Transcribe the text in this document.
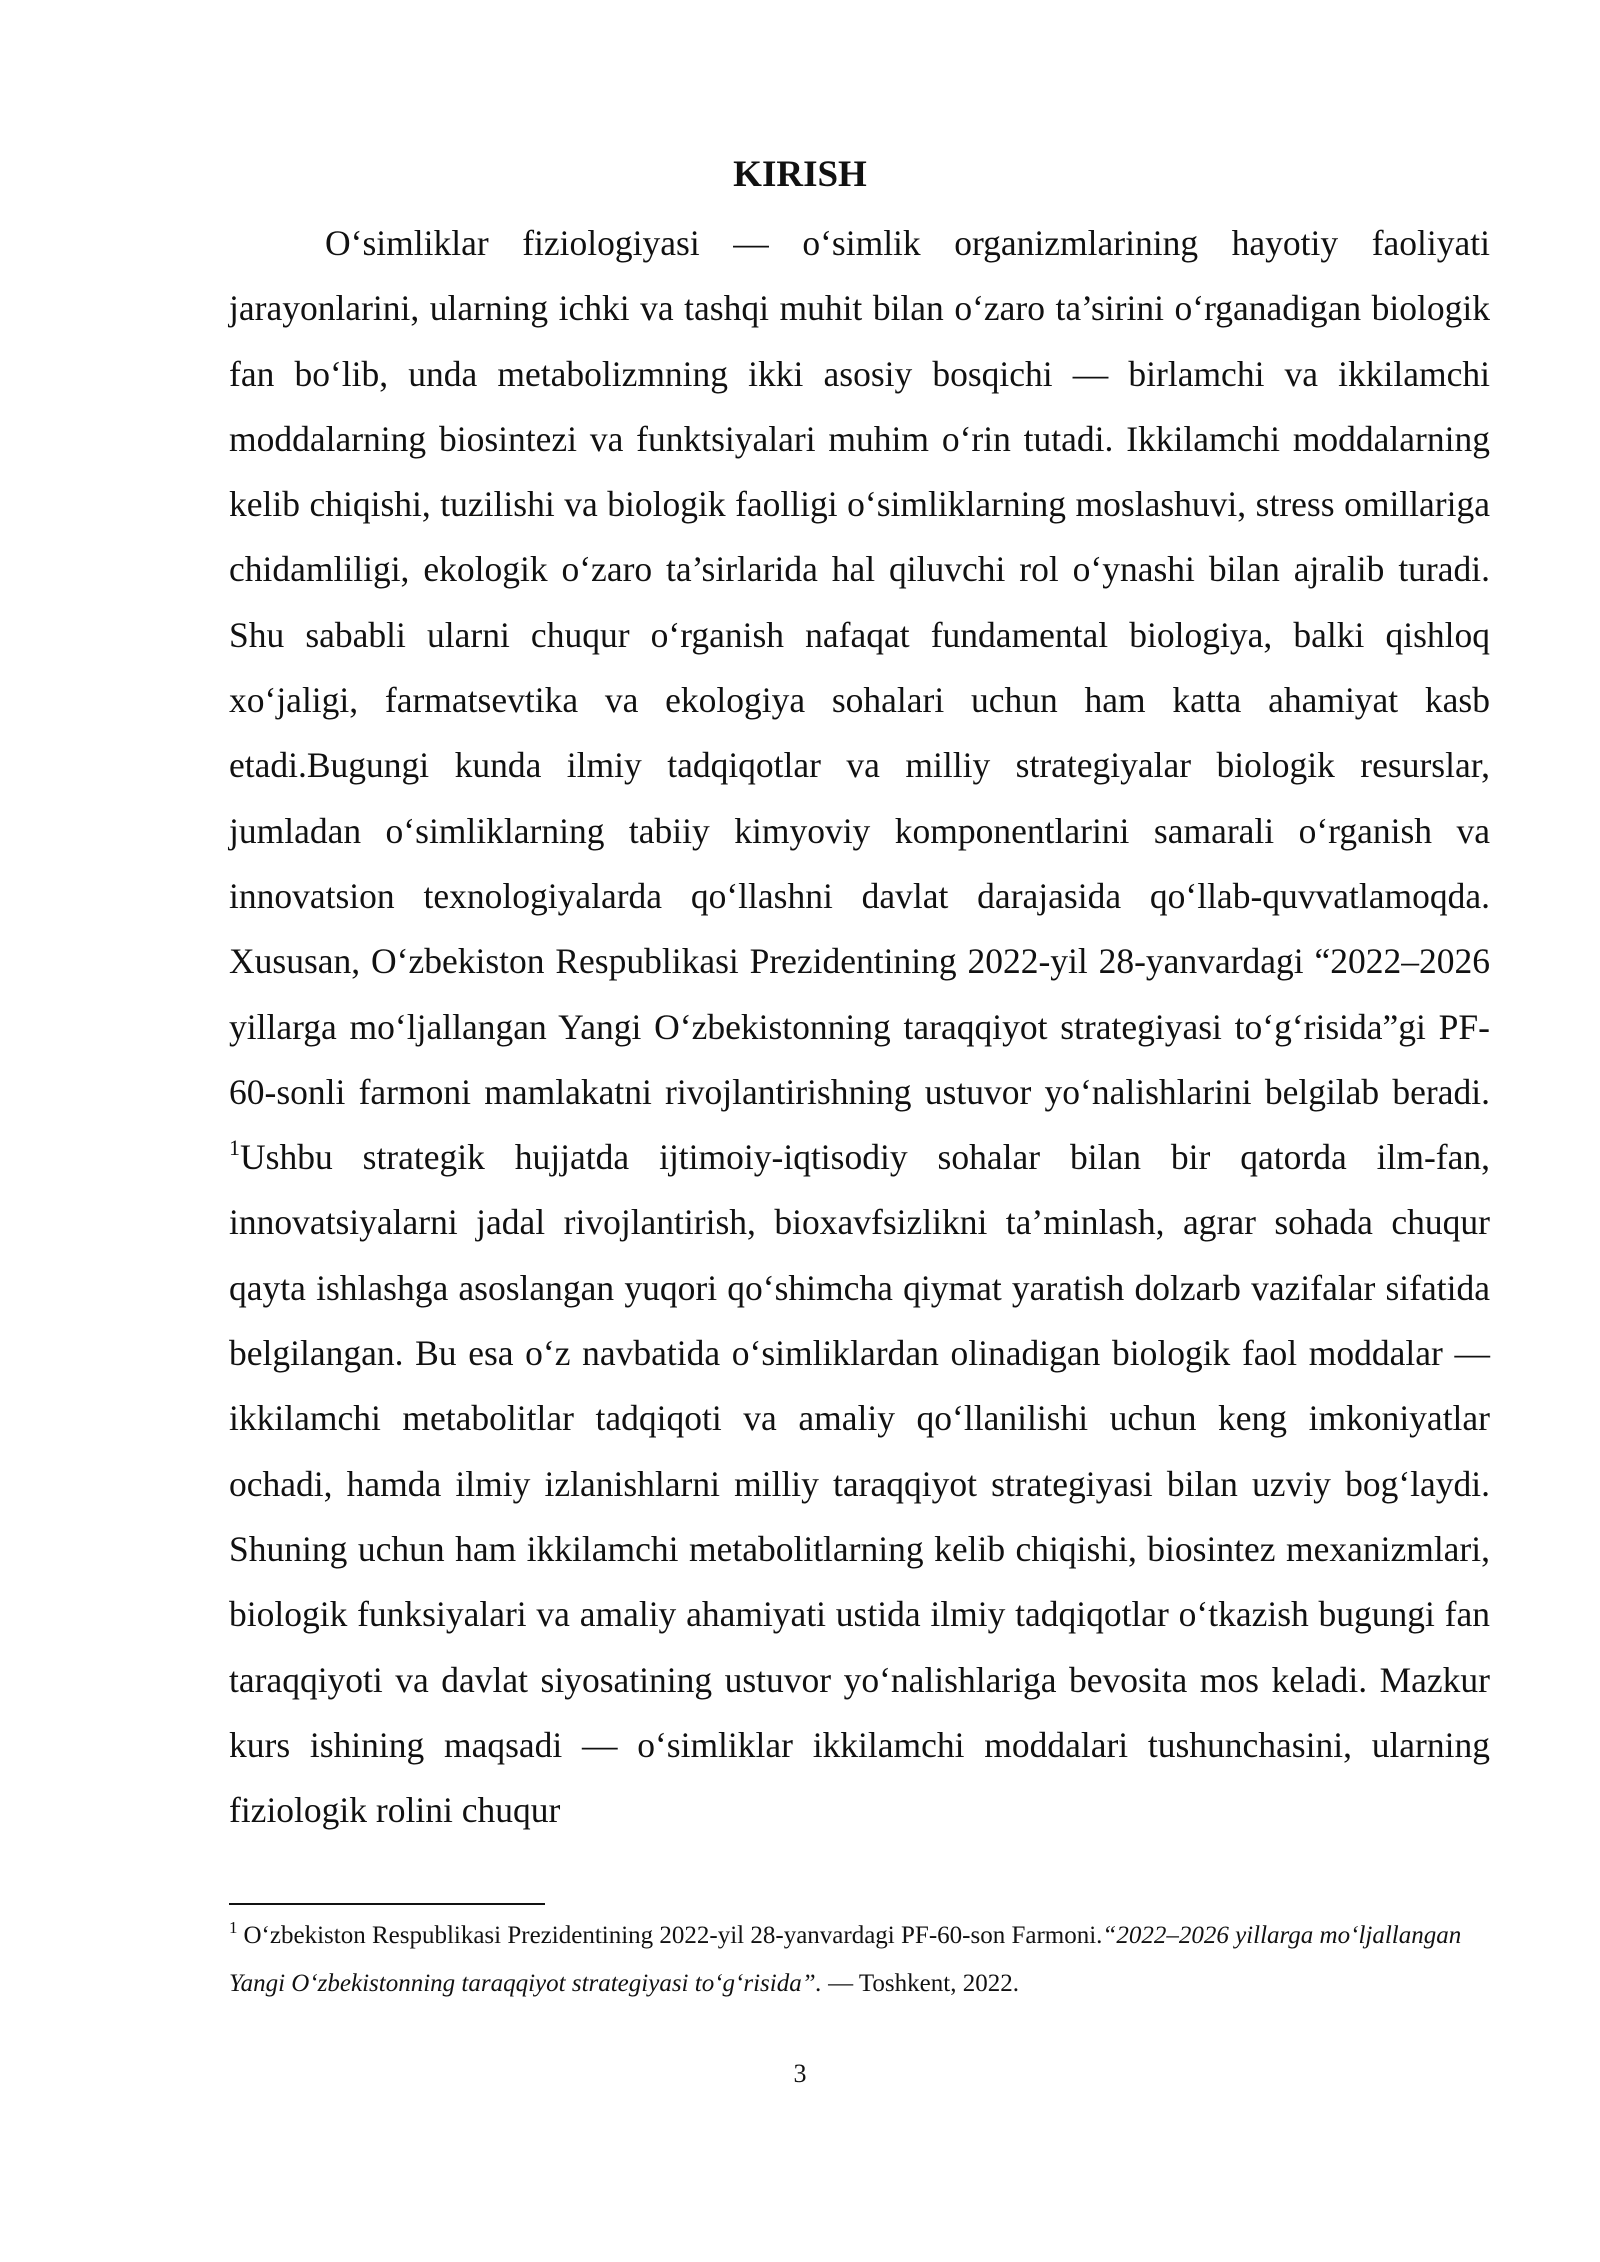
KIRISH

O‘simliklar fiziologiyasi — o‘simlik organizmlarining hayotiy faoliyati jarayonlarini, ularning ichki va tashqi muhit bilan o‘zaro ta’sirini o‘rganadigan biologik fan bo‘lib, unda metabolizmning ikki asosiy bosqichi — birlamchi va ikkilamchi moddalarning biosintezi va funktsiyalari muhim o‘rin tutadi. Ikkilamchi moddalarning kelib chiqishi, tuzilishi va biologik faolligi o‘simliklarning moslashuvi, stress omillariga chidamliligi, ekologik o‘zaro ta’sirlarida hal qiluvchi rol o‘ynashi bilan ajralib turadi. Shu sababli ularni chuqur o‘rganish nafaqat fundamental biologiya, balki qishloq xo‘jaligi, farmatsevtika va ekologiya sohalari uchun ham katta ahamiyat kasb etadi.Bugungi kunda ilmiy tadqiqotlar va milliy strategiyalar biologik resurslar, jumladan o‘simliklarning tabiiy kimyoviy komponentlarini samarali o‘rganish va innovatsion texnologiyalarda qo‘llashni davlat darajasida qo‘llab-quvvatlamoqda. Xususan, O‘zbekiston Respublikasi Prezidentining 2022-yil 28-yanvardagi “2022–2026 yillarga mo‘ljallangan Yangi O‘zbekistonning taraqqiyot strategiyasi to‘g‘risida”gi PF-60-sonli farmoni mamlakatni rivojlantirishning ustuvor yo‘nalishlarini belgilab beradi. $^1$Ushbu strategik hujjatda ijtimoiy-iqtisodiy sohalar bilan bir qatorda ilm-fan, innovatsiyalarni jadal rivojlantirish, bioxavfsizlikni ta’minlash, agrar sohada chuqur qayta ishlashga asoslangan yuqori qo‘shimcha qiymat yaratish dolzarb vazifalar sifatida belgilangan. Bu esa o‘z navbatida o‘simliklardan olinadigan biologik faol moddalar — ikkilamchi metabolitlar tadqiqoti va amaliy qo‘llanilishi uchun keng imkoniyatlar ochadi, hamda ilmiy izlanishlarni milliy taraqqiyot strategiyasi bilan uzviy bog‘laydi. Shuning uchun ham ikkilamchi metabolitlarning kelib chiqishi, biosintez mexanizmlari, biologik funksiyalari va amaliy ahamiyati ustida ilmiy tadqiqotlar o‘tkazish bugungi fan taraqqiyoti va davlat siyosatining ustuvor yo‘nalishlariga bevosita mos keladi. Mazkur kurs ishining maqsadi — o‘simliklar ikkilamchi moddalari tushunchasini, ularning fiziologik rolini chuqur

$^1$ O‘zbekiston Respublikasi Prezidentining 2022-yil 28-yanvardagi PF-60-son Farmoni.“2022–2026 yillarga mo‘ljallangan Yangi O‘zbekistonning taraqqiyot strategiyasi to‘g‘risida”. — Toshkent, 2022.

3
